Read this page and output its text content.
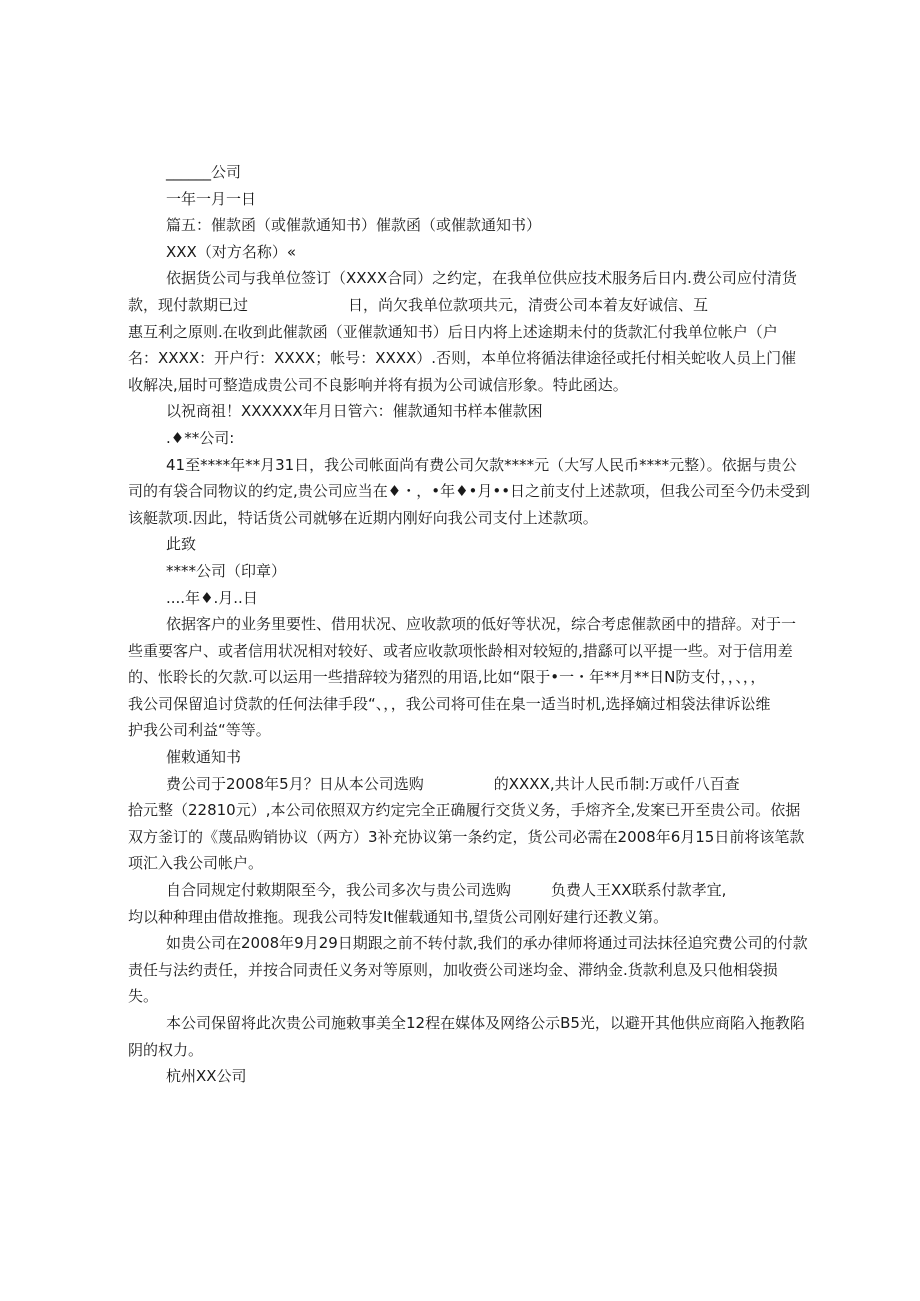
______公司

一年一月一日

篇五：催款函（或催款通知书）催款函（或催款通知书）

XXX（对方名称）«

依据货公司与我单位签订（XXXX合同）之约定，在我单位供应技术服务后日内.费公司应付清货
款，现付款期已过	日，尚欠我单位款项共元，清赍公司本着友好诚信、互
惠互利之原则.在收到此催款函（亚催款通知书）后日内将上述途期未付的货款汇付我单位帐户（户
名：XXXX：开户行：XXXX；帐号：XXXX）.否则，本单位将循法律途径或托付相关蛇收人员上门催
收解决,届时可整造成贵公司不良影响并将有损为公司诚信形象。特此函达。

以祝商祖！XXXXXX年月日管六：催款通知书样本催款困

.♦**公司:

41至****年**月31日，我公司帐面尚有费公司欠款****元（大写人民币****元整）。依据与贵公
司的有袋合同物议的约定,贵公司应当在♦・，•年♦•月••日之前支付上述款项，但我公司至今仍未受到
该艇款项.因此，特话货公司就够在近期内刚好向我公司支付上述款项。

此致

****公司（印章）

....年♦.月..日

依据客户的业务里要性、借用状况、应收款项的低好等状况，综合考虑催款函中的措辞。对于一
些重要客户、或者信用状况相对较好、或者应收款项怅龄相对较短的,措繇可以平提一些。对于信用差
的、怅聆长的欠款.可以运用一些措辞较为猪烈的用语,比如“限于•一・年**月**日N防支付，，、，，
我公司保留追讨贷款的任何法律手段“、，，我公司将可佳在臬一适当时机,选择嫡过相袋法律诉讼维
护我公司利益“等等。

催敕通知书

费公司于2008年5月？日从本公司选购	的XXXX,共计人民币制:万或仟八百查
拾元整（22810元）,本公司依照双方约定完全正确履行交货义务，手熔齐全,发案已开至贵公司。依据
双方釜订的《蔑品购销协议（两方）3补充协议第一条约定，货公司必需在2008年6月15日前将该笔款
项汇入我公司帐户。

自合同规定付敕期限至今，我公司多次与贵公司选购	负费人王XX联系付款孝宜,
均以种种理由借故推拖。现我公司特发It催载通知书,望货公司刚好建行还教义第。

如贵公司在2008年9月29日期跟之前不转付款,我们的承办律师将通过司法抹径追究费公司的付款
责任与法约责任，并按合同责任义务对等原则，加收赍公司迷均金、滞纳金.货款利息及只他相袋损
失。

本公司保留将此次贵公司施敕事美全12程在媒体及网络公示B5光，以避开其他供应商陷入拖教陷
阴的权力。

杭州XX公司
